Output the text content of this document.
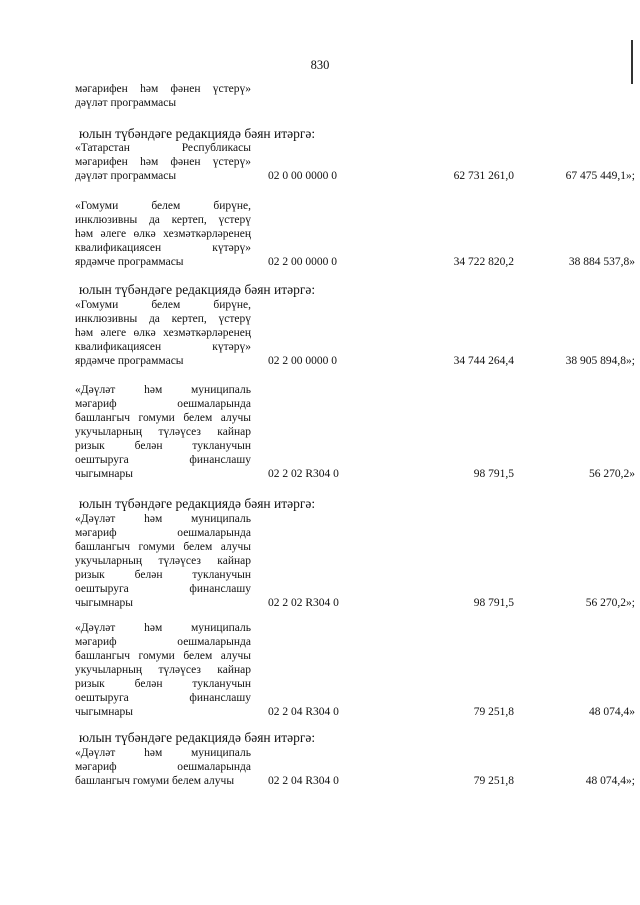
830
мәгарифен һәм фәнен үстерү»
дәүләт программасы
юлын түбәндәге редакциядә бәян итәргә:
«Татарстан Республикасы
мәгарифен һәм фәнен үстерү»
дәүләт программасы	02 0 00 0000 0	62 731 261,0	67 475 449,1»;
«Гомуми белем бирүне,
инклюзивны да кертеп, үстерү
һәм әлеге өлкә хезмәткәрләренең
квалификациясен күтәрү»
ярдәмче программасы	02 2 00 0000 0	34 722 820,2	38 884 537,8»
юлын түбәндәге редакциядә бәян итәргә:
«Гомуми белем бирүне,
инклюзивны да кертеп, үстерү
һәм әлеге өлкә хезмәткәрләренең
квалификациясен күтәрү»
ярдәмче программасы	02 2 00 0000 0	34 744 264,4	38 905 894,8»;
«Дәүләт һәм муниципаль
мәгариф оешмаларында
башлангыч гомуми белем алучы
укучыларның түләүсез кайнар
ризык белән тукланучын
оештыруга финанслашу
чыгымнары	02 2 02 R304 0	98 791,5	56 270,2»
юлын түбәндәге редакциядә бәян итәргә:
«Дәүләт һәм муниципаль
мәгариф оешмаларында
башлангыч гомуми белем алучы
укучыларның түләүсез кайнар
ризык белән тукланучын
оештыруга финанслашу
чыгымнары	02 2 02 R304 0	98 791,5	56 270,2»;
«Дәүләт һәм муниципаль
мәгариф оешмаларында
башлангыч гомуми белем алучы
укучыларның түләүсез кайнар
ризык белән тукланучын
оештыруга финанслашу
чыгымнары	02 2 04 R304 0	79 251,8	48 074,4»
юлын түбәндәге редакциядә бәян итәргә:
«Дәүләт һәм муниципаль
мәгариф оешмаларында
башлангыч гомуми белем алучы	02 2 04 R304 0	79 251,8	48 074,4»;
